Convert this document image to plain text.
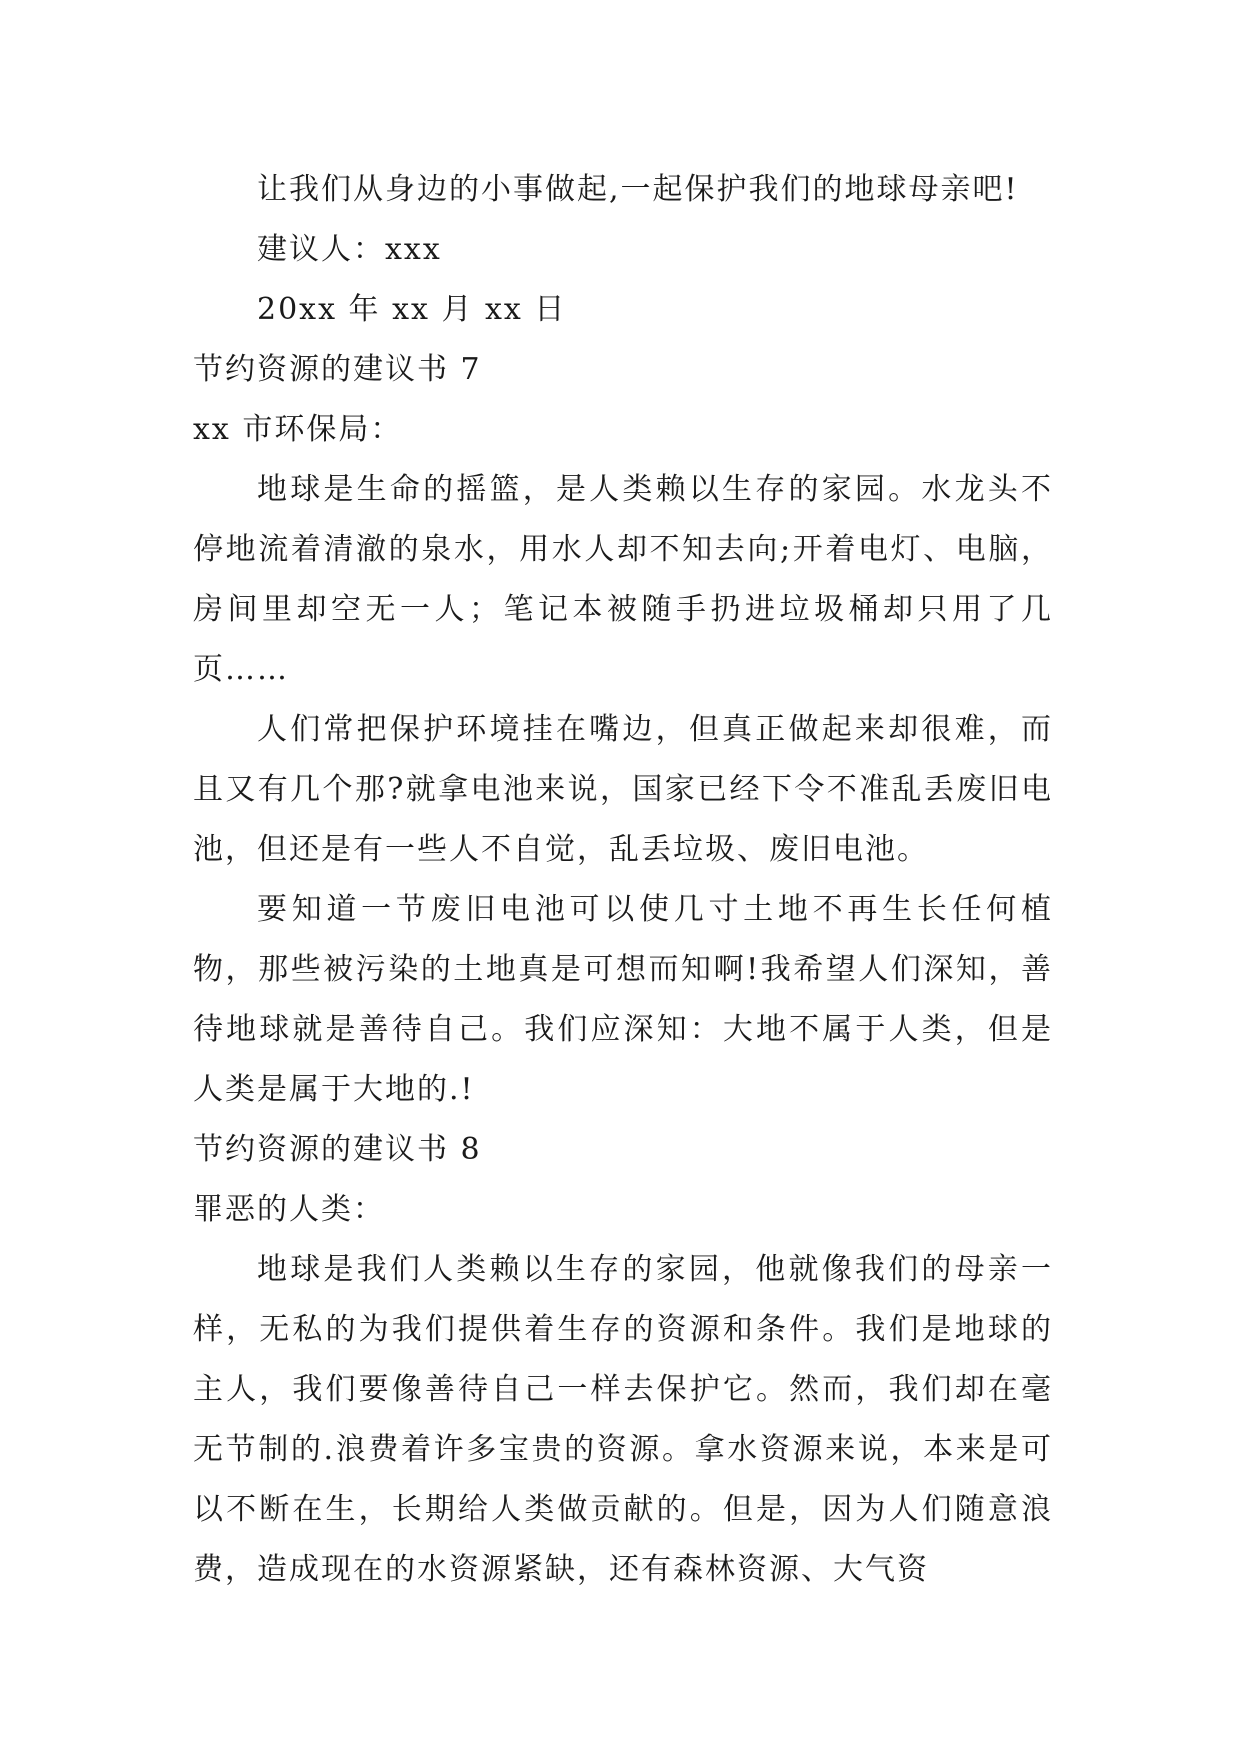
让我们从身边的小事做起,一起保护我们的地球母亲吧!
建议人：xxx
20xx 年 xx 月 xx 日
节约资源的建议书 7
xx 市环保局：

地球是生命的摇篮，是人类赖以生存的家园。水龙头不停地流着清澈的泉水，用水人却不知去向;开着电灯、电脑，房间里却空无一人；笔记本被随手扔进垃圾桶却只用了几页……

人们常把保护环境挂在嘴边，但真正做起来却很难，而且又有几个那?就拿电池来说，国家已经下令不准乱丢废旧电池，但还是有一些人不自觉，乱丢垃圾、废旧电池。

要知道一节废旧电池可以使几寸土地不再生长任何植物，那些被污染的土地真是可想而知啊!我希望人们深知，善待地球就是善待自己。我们应深知：大地不属于人类，但是人类是属于大地的.!

节约资源的建议书 8
罪恶的人类：

地球是我们人类赖以生存的家园，他就像我们的母亲一样，无私的为我们提供着生存的资源和条件。我们是地球的主人，我们要像善待自己一样去保护它。然而，我们却在毫无节制的.浪费着许多宝贵的资源。拿水资源来说，本来是可以不断在生，长期给人类做贡献的。但是，因为人们随意浪费，造成现在的水资源紧缺，还有森林资源、大气资
